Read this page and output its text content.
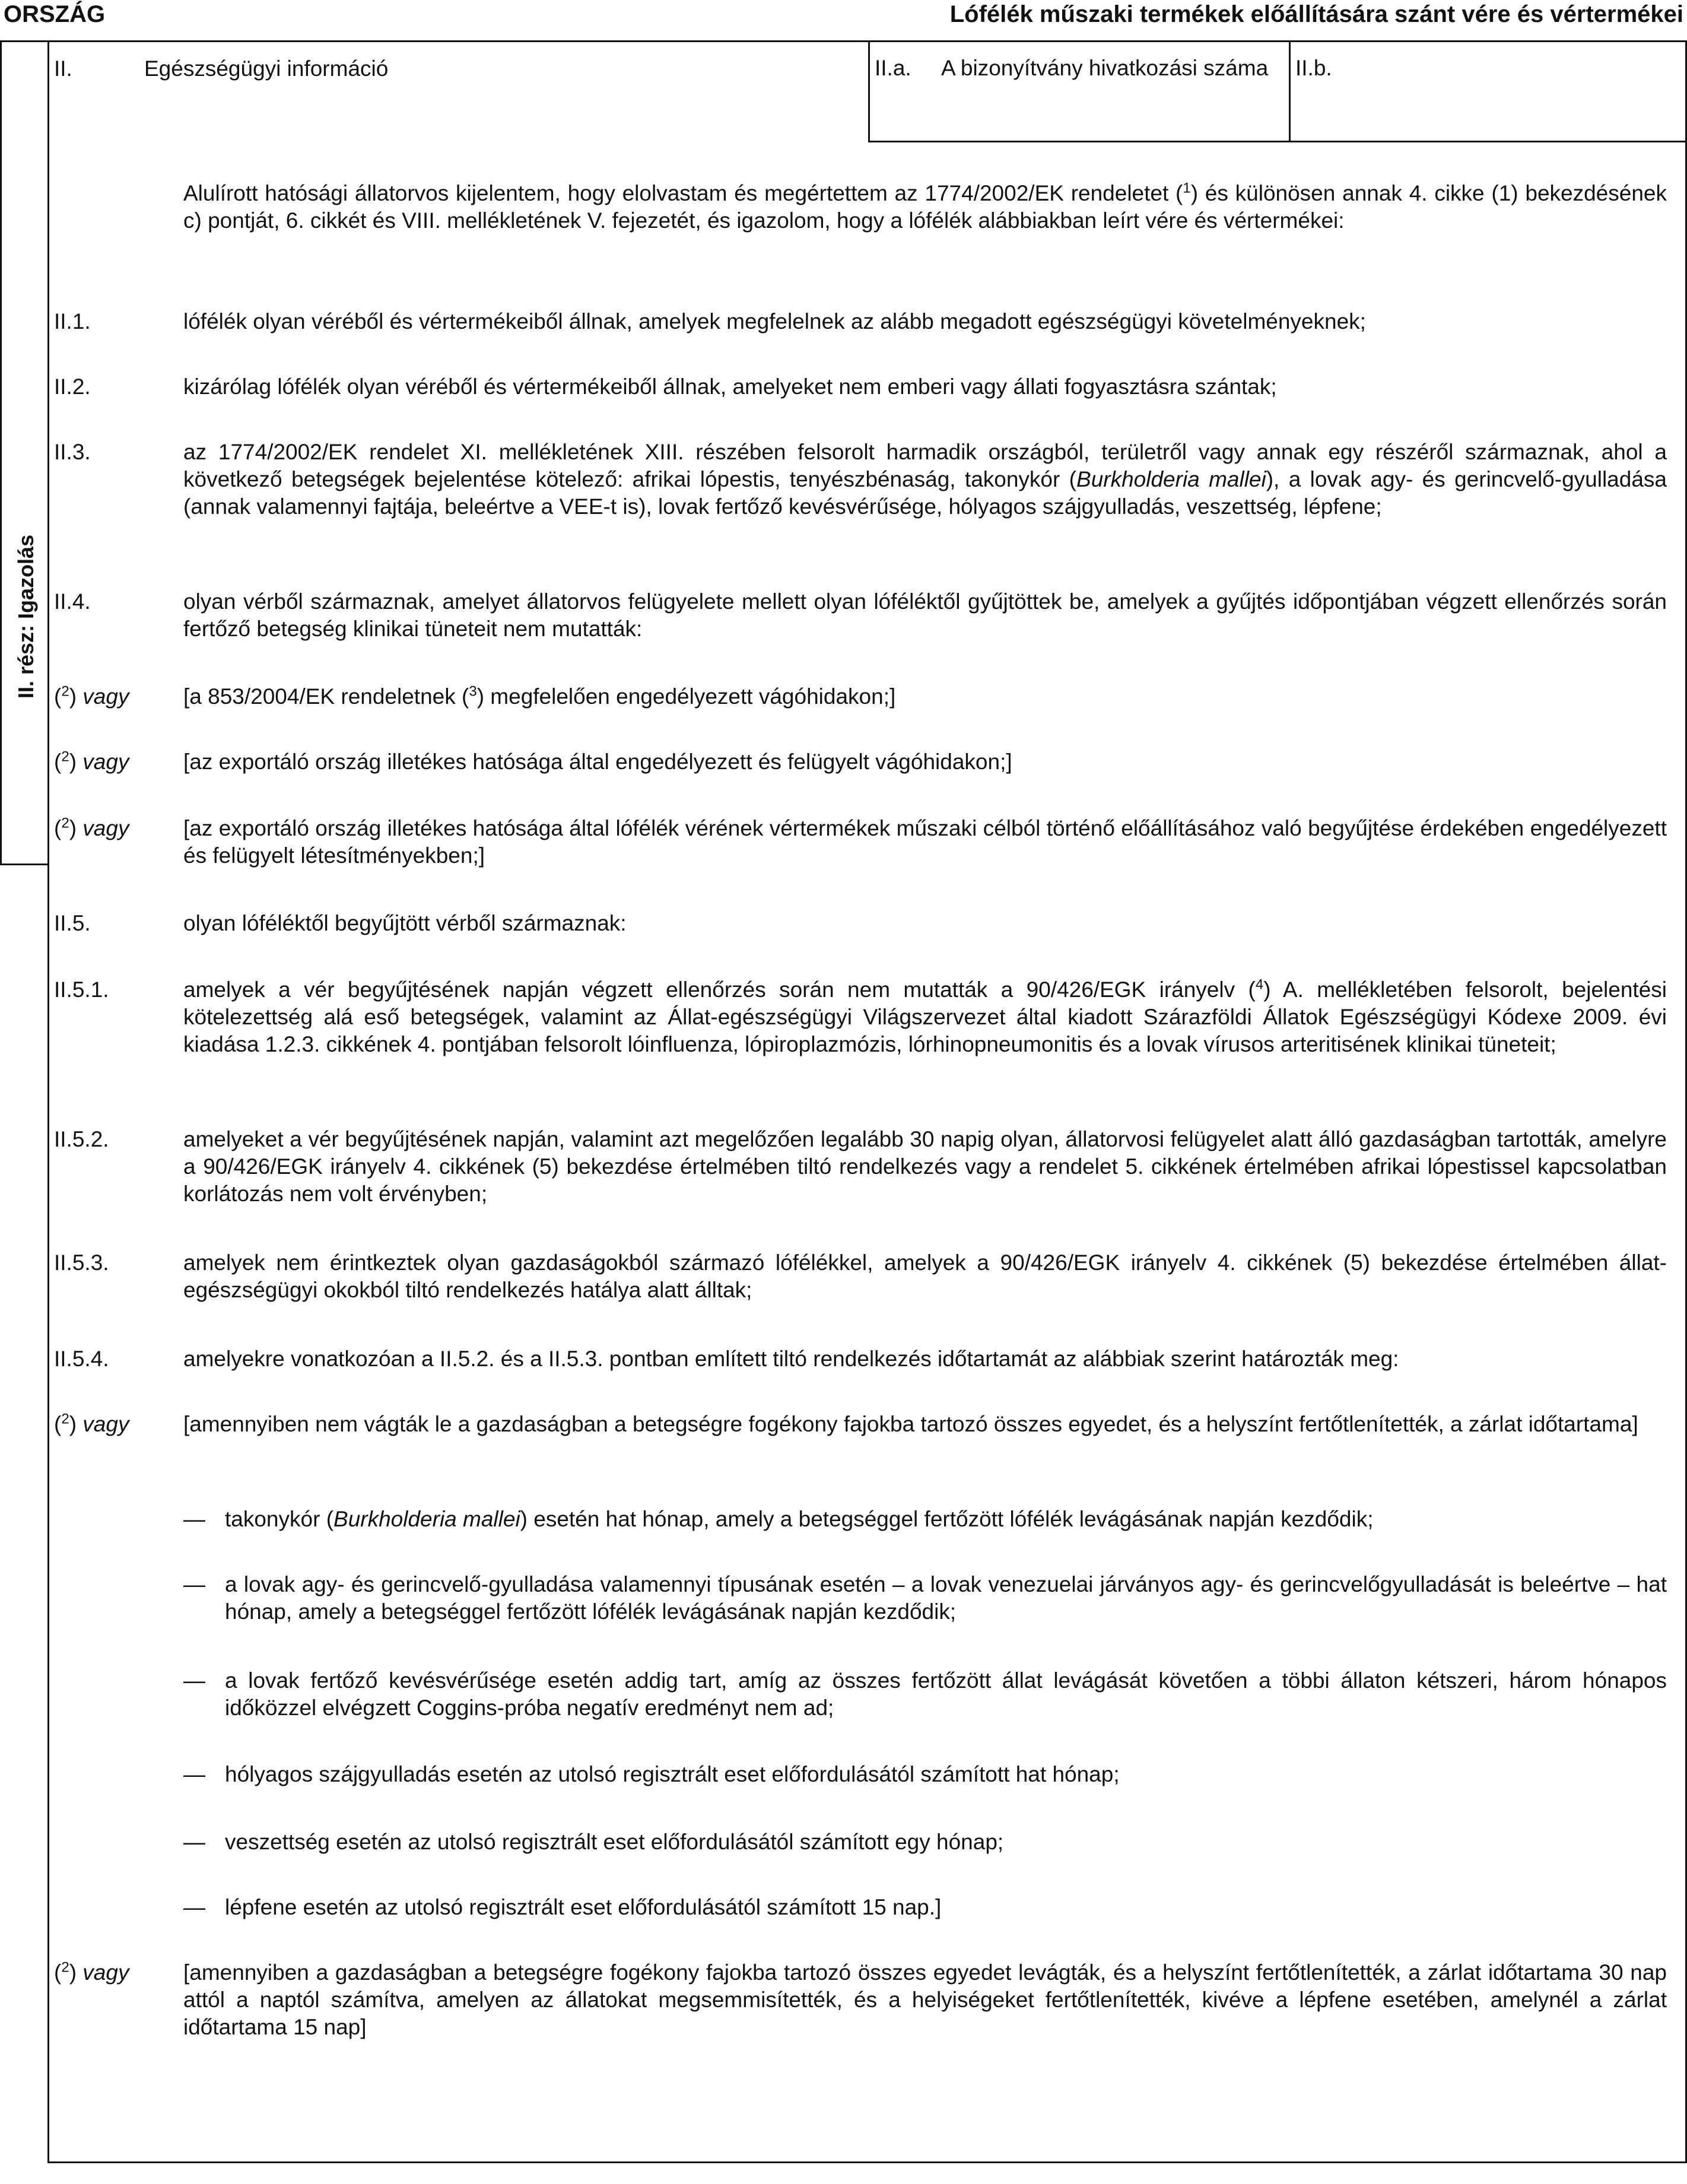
ORSZÁG	Lófélék műszaki termékek előállítására szánt vére és vértermékei
II. rész: Igazolás
II.	Egészségügyi információ	II.a. A bizonyítvány hivatkozási száma II.b.
Alulírott hatósági állatorvos kijelentem, hogy elolvastam és megértettem az 1774/2002/EK rendeletet ($^1$) és különösen annak 4. cikke (1) bekezdésének c) pontját, 6. cikkét és VIII. mellékletének V. fejezetét, és igazolom, hogy a lófélék alábbiakban leírt vére és vértermékei:
II.1.	lófélék olyan véréből és vértermékeiből állnak, amelyek megfelelnek az alább megadott egészségügyi követelményeknek;
II.2.	kizárólag lófélék olyan véréből és vértermékeiből állnak, amelyeket nem emberi vagy állati fogyasztásra szántak;
II.3.	az 1774/2002/EK rendelet XI. mellékletének XIII. részében felsorolt harmadik országból, területről vagy annak egy részéről származnak, ahol a következő betegségek bejelentése kötelező: afrikai lópestis, tenyészbénaság, takonykór (Burkholderia mallei), a lovak agy- és gerincvelő-gyulladása (annak valamennyi fajtája, beleértve a VEE-t is), lovak fertőző kevésvérűsége, hólyagos szájgyulladás, veszettség, lépfene;
II.4.	olyan vérből származnak, amelyet állatorvos felügyelete mellett olyan lóféléktől gyűjtöttek be, amelyek a gyűjtés időpontjában végzett ellenőrzés során fertőző betegség klinikai tüneteit nem mutatták:
($^2$) vagy	[a 853/2004/EK rendeletnek ($^3$) megfelelően engedélyezett vágóhidakon;]
($^2$) vagy	[az exportáló ország illetékes hatósága által engedélyezett és felügyelt vágóhidakon;]
($^2$) vagy	[az exportáló ország illetékes hatósága által lófélék vérének vértermékek műszaki célból történő előállításához való begyűjtése érdekében engedélyezett és felügyelt létesítményekben;]
II.5.	olyan lóféléktől begyűjtött vérből származnak:
II.5.1.	amelyek a vér begyűjtésének napján végzett ellenőrzés során nem mutatták a 90/426/EGK irányelv ($^4$) A. mellékletében felsorolt, bejelentési kötelezettség alá eső betegségek, valamint az Állat-egészségügyi Világszervezet által kiadott Szárazföldi Állatok Egészségügyi Kódexe 2009. évi kiadása 1.2.3. cikkének 4. pontjában felsorolt lóinfluenza, lópiroplazmózis, lórhinopneumonitis és a lovak vírusos arteritisének klinikai tüneteit;
II.5.2.	amelyeket a vér begyűjtésének napján, valamint azt megelőzően legalább 30 napig olyan, állatorvosi felügyelet alatt álló gazdaságban tartották, amelyre a 90/426/EGK irányelv 4. cikkének (5) bekezdése értelmében tiltó rendelkezés vagy a rendelet 5. cikkének értelmében afrikai lópestissel kapcsolatban korlátozás nem volt érvényben;
II.5.3.	amelyek nem érintkeztek olyan gazdaságokból származó lófélékkel, amelyek a 90/426/EGK irányelv 4. cikkének (5) bekezdése értelmében állat-egészségügyi okokból tiltó rendelkezés hatálya alatt álltak;
II.5.4.	amelyekre vonatkozóan a II.5.2. és a II.5.3. pontban említett tiltó rendelkezés időtartamát az alábbiak szerint határozták meg:
($^2$) vagy	[amennyiben nem vágták le a gazdaságban a betegségre fogékony fajokba tartozó összes egyedet, és a helyszínt fertőtlenítették, a zárlat időtartama]
— takonykór (Burkholderia mallei) esetén hat hónap, amely a betegséggel fertőzött lófélék levágásának napján kezdődik;
— a lovak agy- és gerincvelő-gyulladása valamennyi típusának esetén – a lovak venezuelai járványos agy- és gerincvelőgyulladását is beleértve – hat hónap, amely a betegséggel fertőzött lófélék levágásának napján kezdődik;
— a lovak fertőző kevésvérűsége esetén addig tart, amíg az összes fertőzött állat levágását követően a többi állaton kétszeri, három hónapos időközzel elvégzett Coggins-próba negatív eredményt nem ad;
— hólyagos szájgyulladás esetén az utolsó regisztrált eset előfordulásától számított hat hónap;
— veszettség esetén az utolsó regisztrált eset előfordulásától számított egy hónap;
— lépfene esetén az utolsó regisztrált eset előfordulásától számított 15 nap.]
($^2$) vagy	[amennyiben a gazdaságban a betegségre fogékony fajokba tartozó összes egyedet levágták, és a helyszínt fertőtlenítették, a zárlat időtartama 30 nap attól a naptól számítva, amelyen az állatokat megsemmisítették, és a helyiségeket fertőtlenítették, kivéve a lépfene esetében, amelynél a zárlat időtartama 15 nap]
